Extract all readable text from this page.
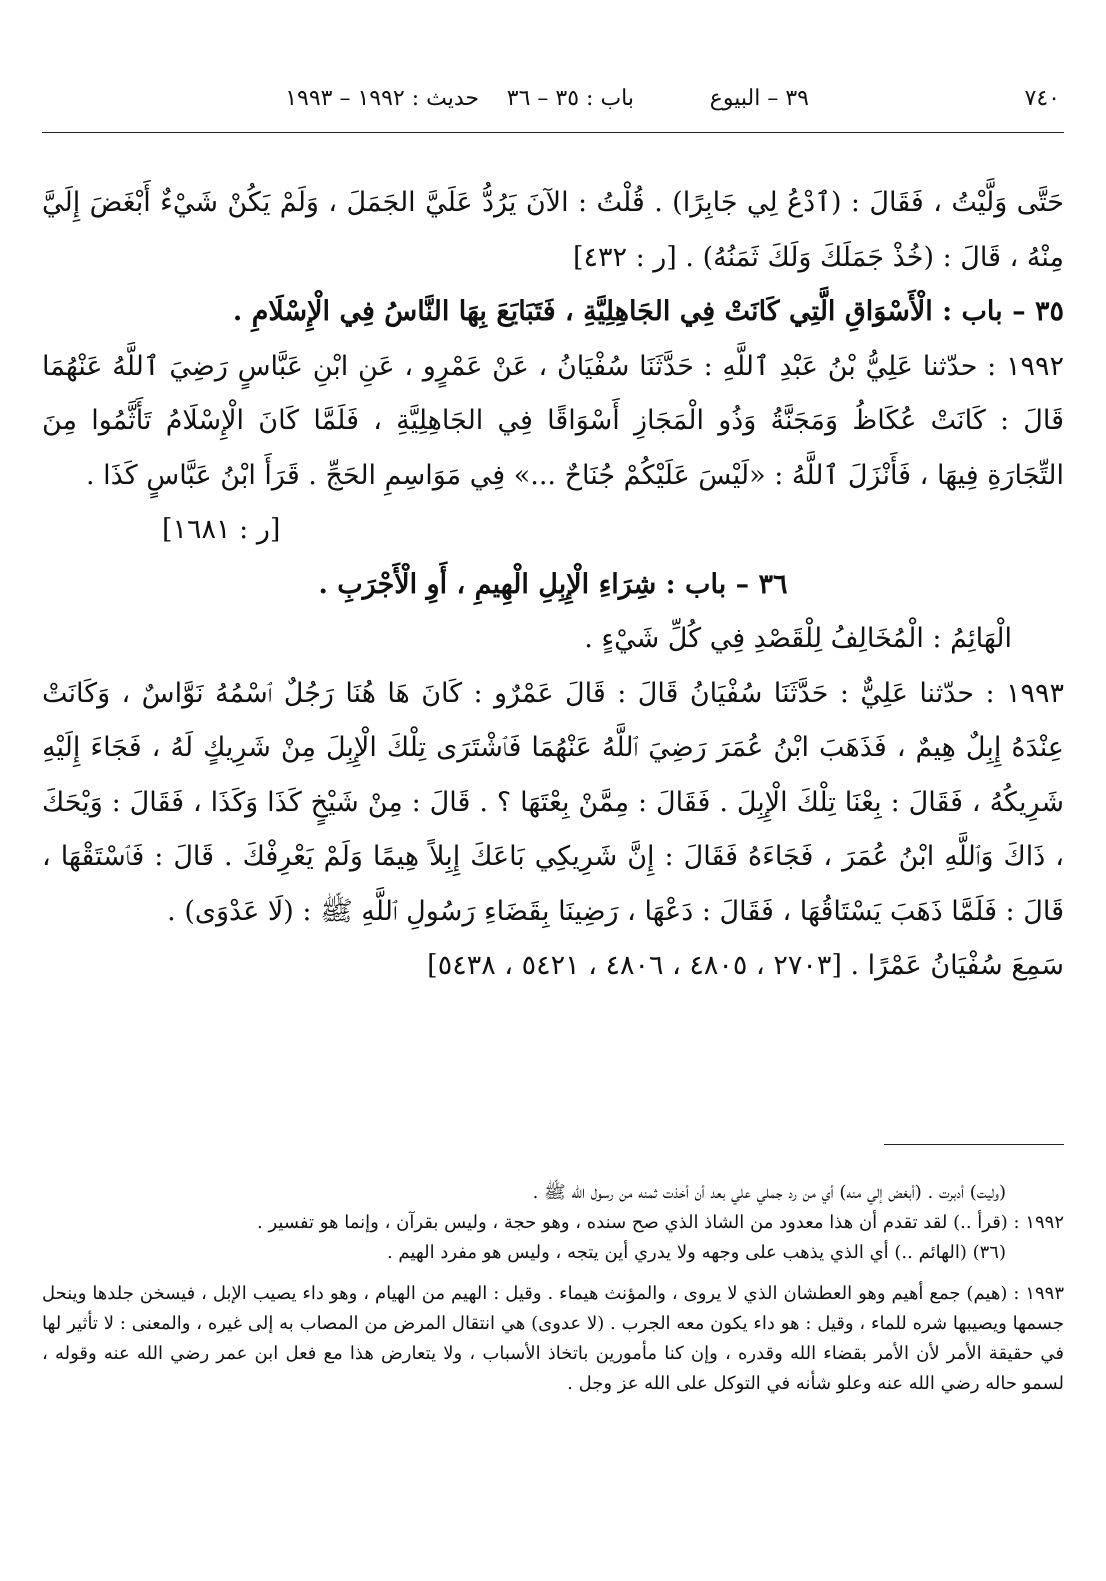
٧٤٠
٣٩ – البيوع
باب : ٣٥ – ٣٦
حديث : ١٩٩٢ – ١٩٩٣

حَتَّى وَلَّيْتُ ، فَقَالَ : (ٱدْعُ لِي جَابِرًا) . قُلْتُ : الآنَ يَرُدُّ عَلَيَّ الجَمَلَ ، وَلَمْ يَكُنْ شَيْءٌ أَبْغَضَ إِلَيَّ مِنْهُ ، قَالَ : (خُذْ جَمَلَكَ وَلَكَ ثَمَنُهُ) . [ر : ٤٣٢]

٣٥ – باب : الْأَسْوَاقِ الَّتِي كَانَتْ فِي الجَاهِلِيَّةِ ، فَتَبَايَعَ بِهَا النَّاسُ فِي الْإِسْلَامِ .

١٩٩٢ : حدّثنا عَلِيُّ بْنُ عَبْدِ ٱللَّهِ : حَدَّثَنَا سُفْيَانُ ، عَنْ عَمْرٍو ، عَنِ ابْنِ عَبَّاسٍ رَضِيَ ٱللَّهُ عَنْهُمَا قَالَ : كَانَتْ عُكَاظُ وَمَجَنَّةُ وَذُو الْمَجَازِ أَسْوَاقًا فِي الجَاهِلِيَّةِ ، فَلَمَّا كَانَ الْإِسْلَامُ تَأَثَّمُوا مِنَ التِّجَارَةِ فِيهَا ، فَأَنْزَلَ ٱللَّهُ : «لَيْسَ عَلَيْكُمْ جُنَاحٌ ...» فِي مَوَاسِمِ الحَجِّ . قَرَأَ ابْنُ عَبَّاسٍ كَذَا .

[ر : ١٦٨١]

٣٦ – باب : شِرَاءِ الْإِبِلِ الْهِيمِ ، أَوِ الْأَجْرَبِ .

الْهَائِمُ : الْمُخَالِفُ لِلْقَصْدِ فِي كُلِّ شَيْءٍ .

١٩٩٣ : حدّثنا عَلِيٌّ : حَدَّثَنَا سُفْيَانُ قَالَ : قَالَ عَمْرٌو : كَانَ هَا هُنَا رَجُلٌ ٱسْمُهُ نَوَّاسٌ ، وَكَانَتْ عِنْدَهُ إِبِلٌ هِيمٌ ، فَذَهَبَ ابْنُ عُمَرَ رَضِيَ ٱللَّهُ عَنْهُمَا فَٱشْتَرَى تِلْكَ الْإِبِلَ مِنْ شَرِيكٍ لَهُ ، فَجَاءَ إِلَيْهِ شَرِيكُهُ ، فَقَالَ : بِعْنَا تِلْكَ الْإِبِلَ . فَقَالَ : مِمَّنْ بِعْتَهَا ؟ . قَالَ : مِنْ شَيْخٍ كَذَا وَكَذَا ، فَقَالَ : وَيْحَكَ ، ذَاكَ وَٱللَّهِ ابْنُ عُمَرَ ، فَجَاءَهُ فَقَالَ : إِنَّ شَرِيكِي بَاعَكَ إِبِلاً هِيمًا وَلَمْ يَعْرِفْكَ . قَالَ : فَٱسْتَقْهَا ، قَالَ : فَلَمَّا ذَهَبَ يَسْتَاقُهَا ، فَقَالَ : دَعْهَا ، رَضِينَا بِقَضَاءِ رَسُولِ ٱللَّهِ ﷺ : (لَا عَدْوَى) .

سَمِعَ سُفْيَانُ عَمْرًا . [٢٧٠٣ ، ٤٨٠٥ ، ٤٨٠٦ ، ٥٤٢١ ، ٥٤٣٨]

(وليت) أدبرت . (أبغض إلي منه) أي من رد جملي علي بعد أن أخذت ثمنه من رسول الله ﷺ .

١٩٩٢ : (قرأ ..) لقد تقدم أن هذا معدود من الشاذ الذي صح سنده ، وهو حجة ، وليس بقرآن ، وإنما هو تفسير .

(٣٦) (الهائم ..) أي الذي يذهب على وجهه ولا يدري أين يتجه ، وليس هو مفرد الهيم .

١٩٩٣ : (هيم) جمع أهيم وهو العطشان الذي لا يروى ، والمؤنث هيماء . وقيل : الهيم من الهيام ، وهو داء يصيب الإبل ، فيسخن جلدها وينحل جسمها ويصيبها شره للماء ، وقيل : هو داء يكون معه الجرب . (لا عدوى) هي انتقال المرض من المصاب به إلى غيره ، والمعنى : لا تأثير لها في حقيقة الأمر لأن الأمر بقضاء الله وقدره ، وإن كنا مأمورين باتخاذ الأسباب ، ولا يتعارض هذا مع فعل ابن عمر رضي الله عنه وقوله ، لسمو حاله رضي الله عنه وعلو شأنه في التوكل على الله عز وجل .
